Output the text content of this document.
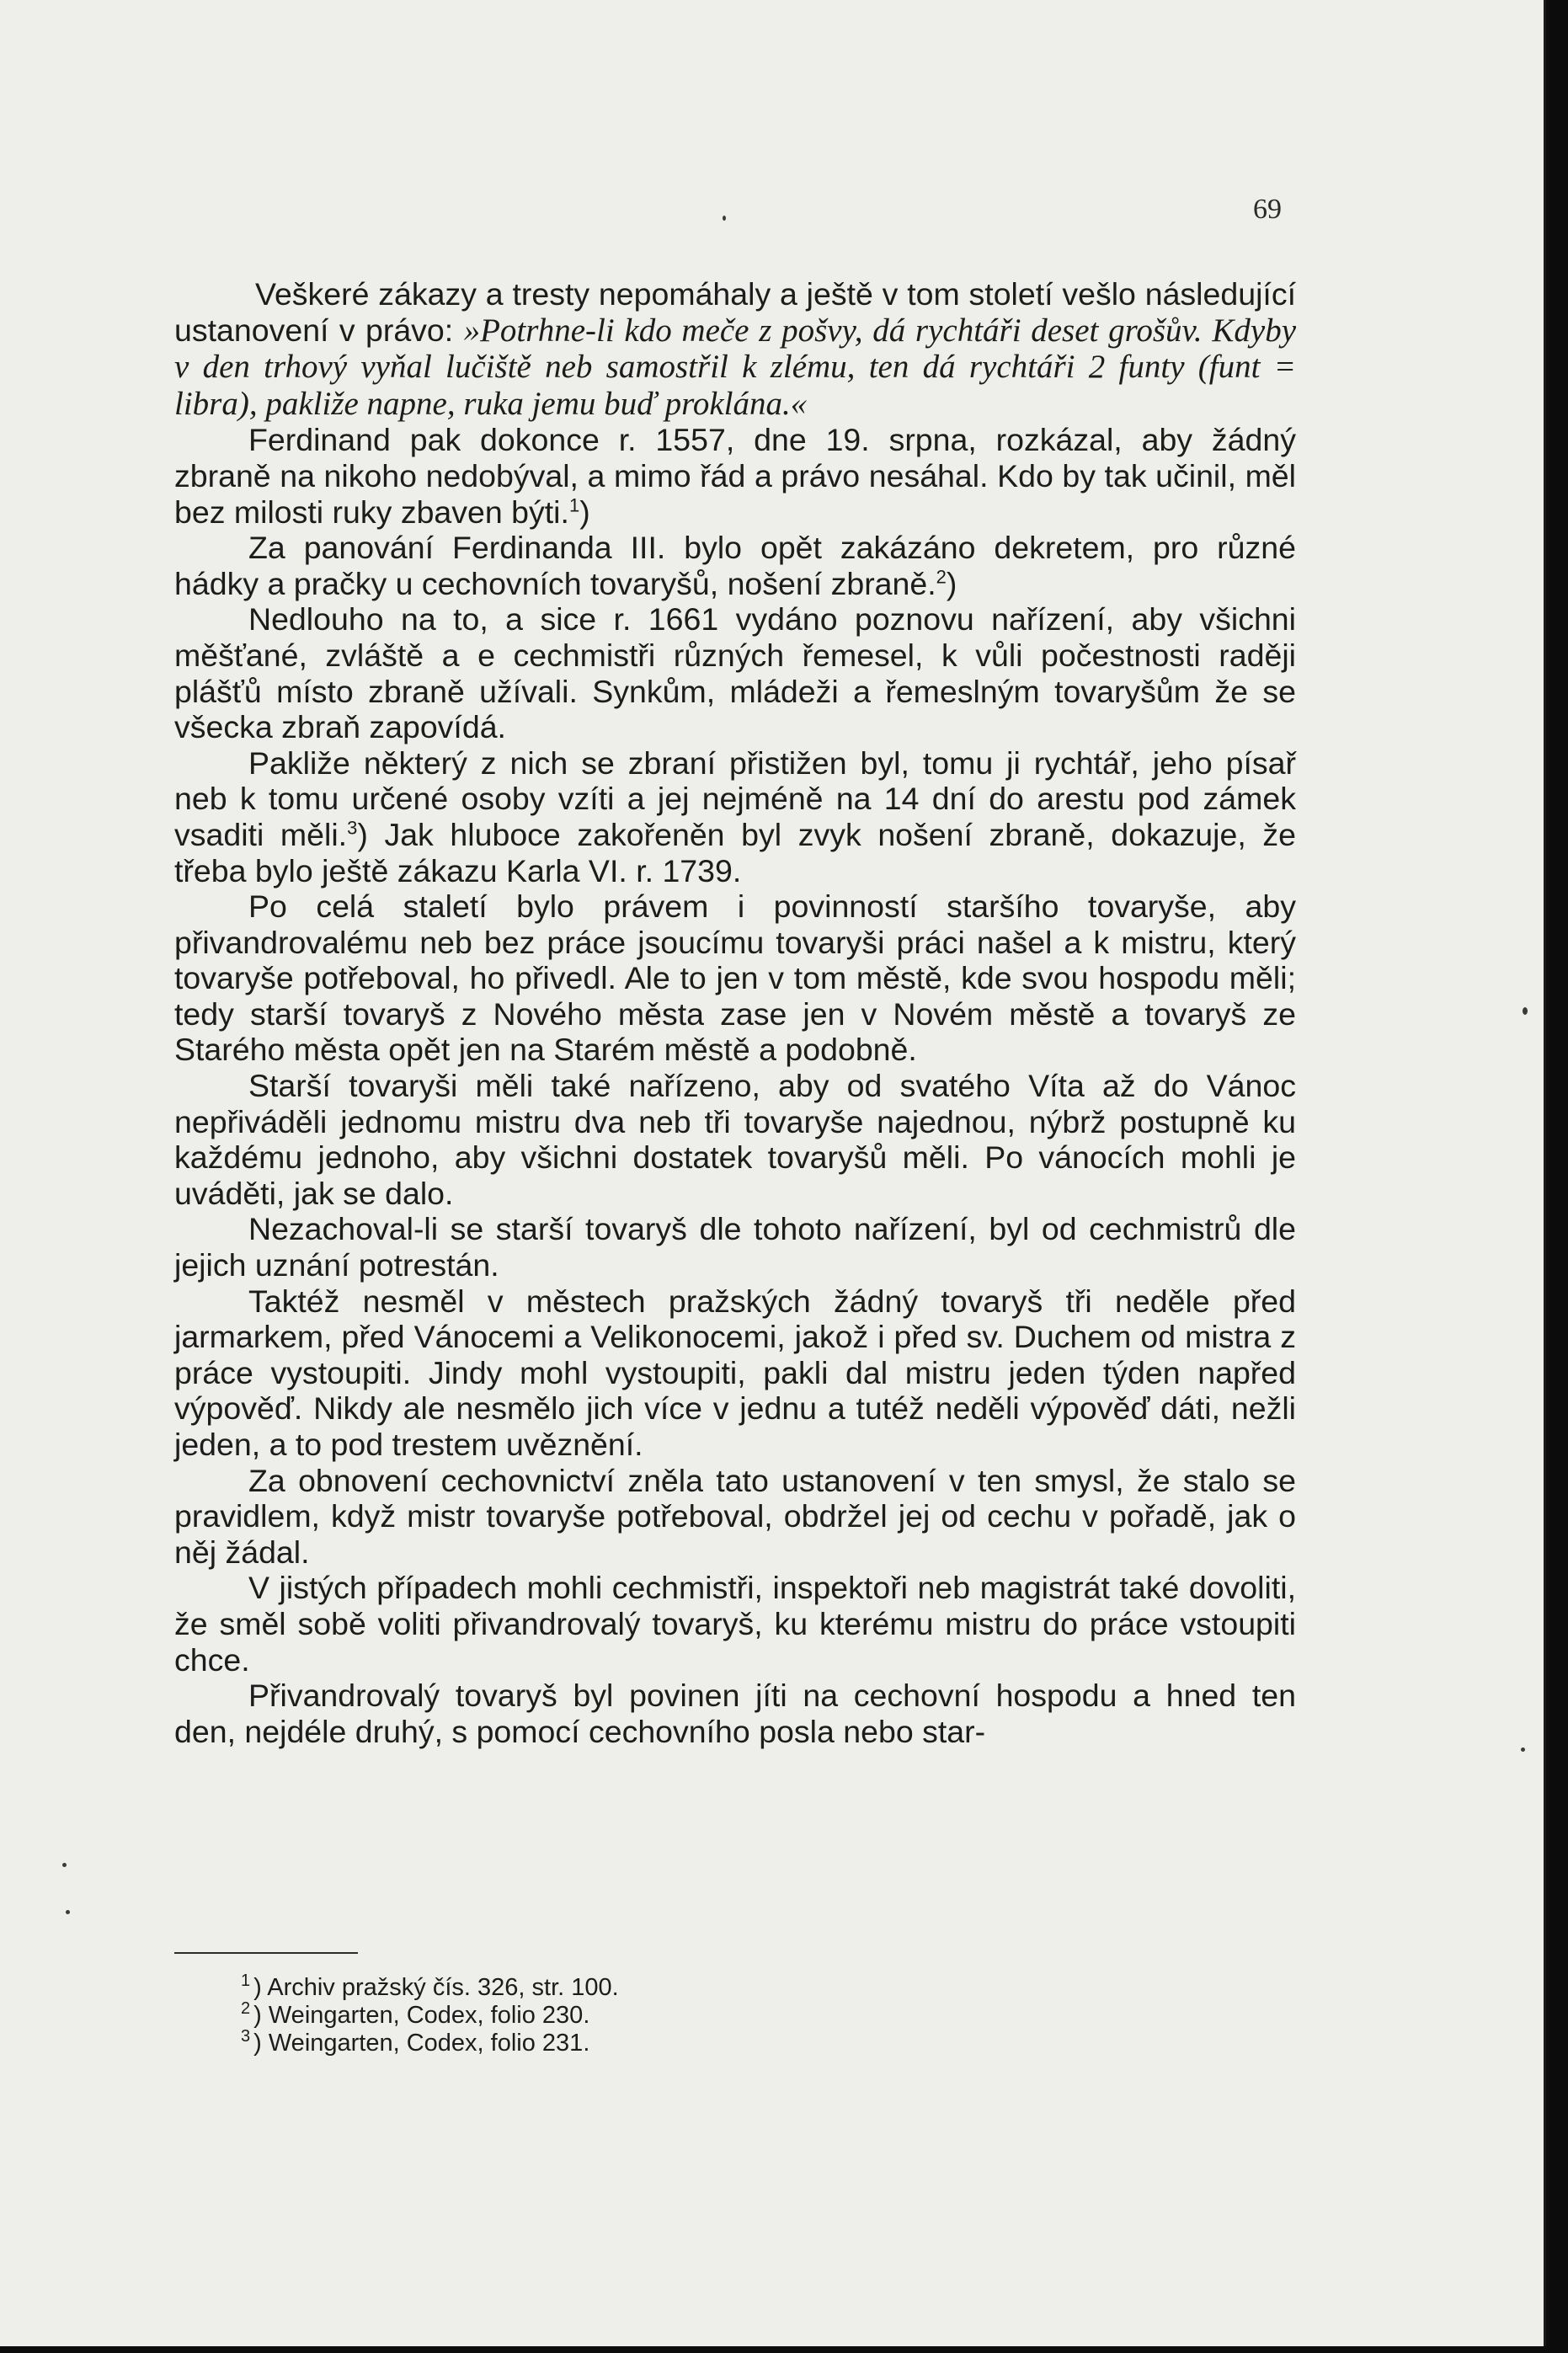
69

Veškeré zákazy a tresty nepomáhaly a ještě v tom století vešlo následující ustanovení v právo: »Potrhne-li kdo meče z pošvy, dá rychtáři deset grošův. Kdyby v den trhový vyňal lučiště neb samostřil k zlému, ten dá rychtáři 2 funty (funt = libra), pakliže napne, ruka jemu buď proklána.«

Ferdinand pak dokonce r. 1557, dne 19. srpna, rozkázal, aby žádný zbraně na nikoho nedobýval, a mimo řád a právo nesáhal. Kdo by tak učinil, měl bez milosti ruky zbaven býti.$^1$)

Za panování Ferdinanda III. bylo opět zakázáno dekretem, pro různé hádky a pračky u cechovních tovaryšů, nošení zbraně.$^2$)

Nedlouho na to, a sice r. 1661 vydáno poznovu nařízení, aby všichni měšťané, zvláště a e cechmistři různých řemesel, k vůli počestnosti raději plášťů místo zbraně užívali. Synkům, mládeži a řemeslným tovaryšům že se všecka zbraň zapovídá.

Pakliže některý z nich se zbraní přistižen byl, tomu ji rychtář, jeho písař neb k tomu určené osoby vzíti a jej nejméně na 14 dní do arestu pod zámek vsaditi měli.$^3$) Jak hluboce zakořeněn byl zvyk nošení zbraně, dokazuje, že třeba bylo ještě zákazu Karla VI. r. 1739.

Po celá staletí bylo právem i povinností staršího tovaryše, aby přivandrovalému neb bez práce jsoucímu tovaryši práci našel a k mistru, který tovaryše potřeboval, ho přivedl. Ale to jen v tom městě, kde svou hospodu měli; tedy starší tovaryš z Nového města zase jen v Novém městě a tovaryš ze Starého města opět jen na Starém městě a podobně.

Starší tovaryši měli také nařízeno, aby od svatého Víta až do Vánoc nepřiváděli jednomu mistru dva neb tři tovaryše najednou, nýbrž postupně ku každému jednoho, aby všichni dostatek tovaryšů měli. Po vánocích mohli je uváděti, jak se dalo.

Nezachoval-li se starší tovaryš dle tohoto nařízení, byl od cechmistrů dle jejich uznání potrestán.

Taktéž nesměl v městech pražských žádný tovaryš tři neděle před jarmarkem, před Vánocemi a Velikonocemi, jakož i před sv. Duchem od mistra z práce vystoupiti. Jindy mohl vystoupiti, pakli dal mistru jeden týden napřed výpověď. Nikdy ale nesmělo jich více v jednu a tutéž neděli výpověď dáti, nežli jeden, a to pod trestem uvěznění.

Za obnovení cechovnictví zněla tato ustanovení v ten smysl, že stalo se pravidlem, když mistr tovaryše potřeboval, obdržel jej od cechu v pořadě, jak o něj žádal.

V jistých případech mohli cechmistři, inspektoři neb magistrát také dovoliti, že směl sobě voliti přivandrovalý tovaryš, ku kterému mistru do práce vstoupiti chce.

Přivandrovalý tovaryš byl povinen jíti na cechovní hospodu a hned ten den, nejdéle druhý, s pomocí cechovního posla nebo star-

$^1$ ) Archiv pražský čís. 326, str. 100.
$^2$ ) Weingarten, Codex, folio 230.
$^3$ ) Weingarten, Codex, folio 231.
